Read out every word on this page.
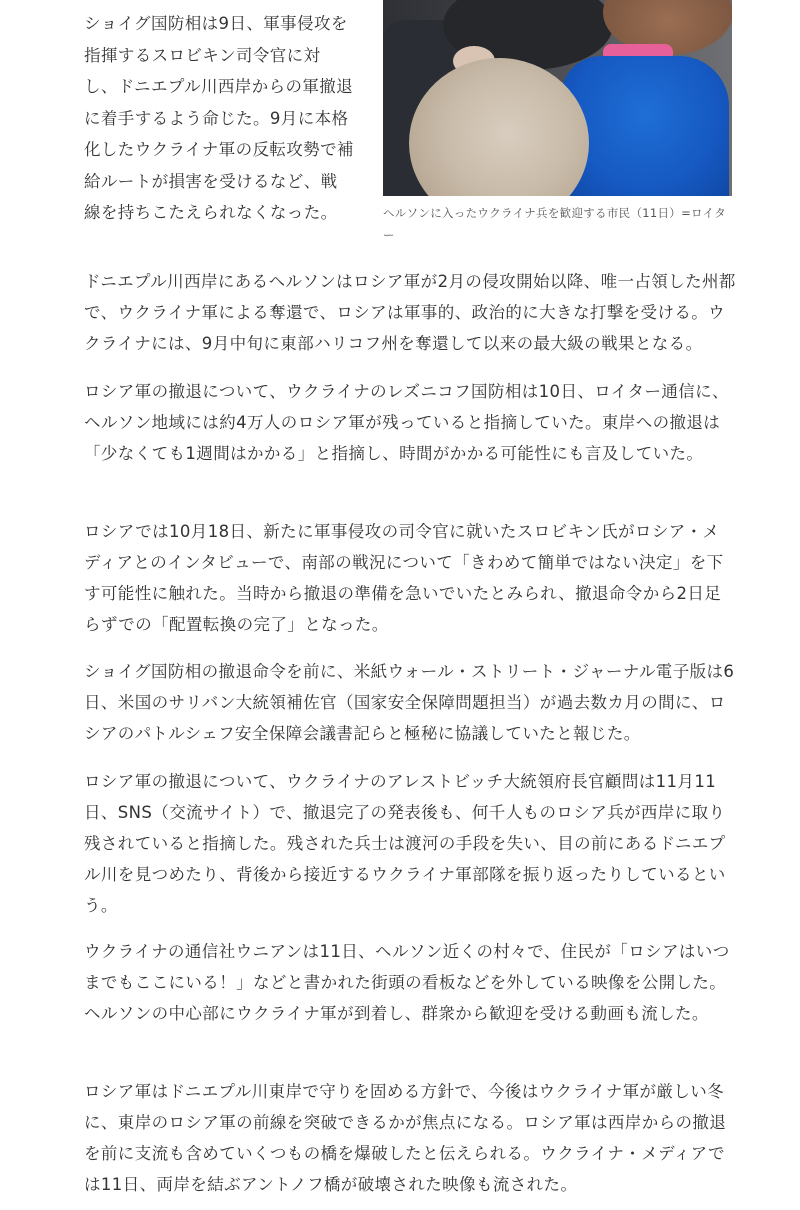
ショイグ国防相は9日、軍事侵攻を指揮するスロビキン司令官に対し、ドニエプル川西岸からの軍撤退に着手するよう命じた。9月に本格化したウクライナ軍の反転攻勢で補給ルートが損害を受けるなど、戦線を持ちこたえられなくなった。	ヘルソンに入ったウクライナ兵を歓迎する市民（11日）=ロイター

ドニエプル川西岸にあるヘルソンはロシア軍が2月の侵攻開始以降、唯一占領した州都で、ウクライナ軍による奪還で、ロシアは軍事的、政治的に大きな打撃を受ける。ウクライナには、9月中旬に東部ハリコフ州を奪還して以来の最大級の戦果となる。

ロシア軍の撤退について、ウクライナのレズニコフ国防相は10日、ロイター通信に、ヘルソン地域には約4万人のロシア軍が残っていると指摘していた。東岸への撤退は「少なくても1週間はかかる」と指摘し、時間がかかる可能性にも言及していた。

ロシアでは10月18日、新たに軍事侵攻の司令官に就いたスロビキン氏がロシア・メディアとのインタビューで、南部の戦況について「きわめて簡単ではない決定」を下す可能性に触れた。当時から撤退の準備を急いでいたとみられ、撤退命令から2日足らずでの「配置転換の完了」となった。

ショイグ国防相の撤退命令を前に、米紙ウォール・ストリート・ジャーナル電子版は6日、米国のサリバン大統領補佐官（国家安全保障問題担当）が過去数カ月の間に、ロシアのパトルシェフ安全保障会議書記らと極秘に協議していたと報じた。

ロシア軍の撤退について、ウクライナのアレストビッチ大統領府長官顧問は11月11日、SNS（交流サイト）で、撤退完了の発表後も、何千人ものロシア兵が西岸に取り残されていると指摘した。残された兵士は渡河の手段を失い、目の前にあるドニエプル川を見つめたり、背後から接近するウクライナ軍部隊を振り返ったりしているという。

ウクライナの通信社ウニアンは11日、ヘルソン近くの村々で、住民が「ロシアはいつまでもここにいる！」などと書かれた街頭の看板などを外している映像を公開した。ヘルソンの中心部にウクライナ軍が到着し、群衆から歓迎を受ける動画も流した。

ロシア軍はドニエプル川東岸で守りを固める方針で、今後はウクライナ軍が厳しい冬に、東岸のロシア軍の前線を突破できるかが焦点になる。ロシア軍は西岸からの撤退を前に支流も含めていくつもの橋を爆破したと伝えられる。ウクライナ・メディアでは11日、両岸を結ぶアントノフ橋が破壊された映像も流された。
